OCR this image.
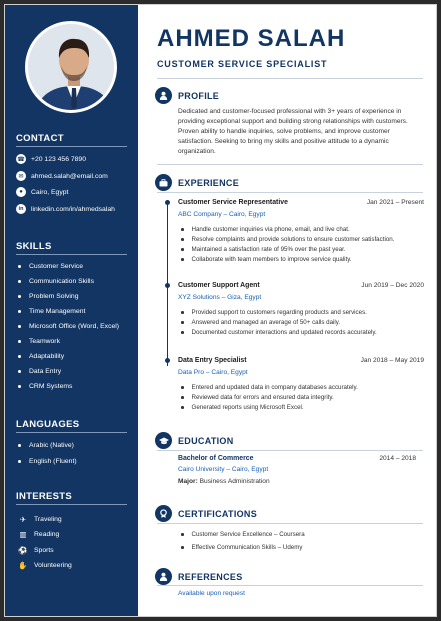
CONTACT
☎ +20 123 456 7890
✉	ahmed.salah@email.com
●	Cairo, Egypt
in	linkedin.com/in/ahmedsalah
SKILLS
Customer Service
Communication Skills
Problem Solving
Time Management
Microsoft Office (Word, Excel)
Teamwork
Adaptability
Data Entry
CRM Systems
LANGUAGES
Arabic (Native)
English (Fluent)
INTERESTS
✈ Traveling
▥ Reading
⚽ Sports
✋ Volunteering
AHMED SALAH
CUSTOMER SERVICE SPECIALIST
PROFILE
Dedicated and customer-focused professional with 3+ years of experience in providing exceptional support and building strong relationships with customers. Proven ability to handle inquiries, solve problems, and improve customer satisfaction. Seeking to bring my skills and positive attitude to a dynamic organization.
EXPERIENCE
Customer Service Representative	Jan 2021 – Present
ABC Company – Cairo, Egypt
Handle customer inquiries via phone, email, and live chat.
Resolve complaints and provide solutions to ensure customer satisfaction.
Maintained a satisfaction rate of 95% over the past year.
Collaborate with team members to improve service quality.
Customer Support Agent	Jun 2019 – Dec 2020
XYZ Solutions – Giza, Egypt
Provided support to customers regarding products and services.
Answered and managed an average of 50+ calls daily.
Documented customer interactions and updated records accurately.
Data Entry Specialist	Jan 2018 – May 2019
Data Pro – Cairo, Egypt
Entered and updated data in company databases accurately.
Reviewed data for errors and ensured data integrity.
Generated reports using Microsoft Excel.
EDUCATION
Bachelor of Commerce	2014 – 2018
Cairo University – Cairo, Egypt
Major: Business Administration
CERTIFICATIONS
Customer Service Excellence – Coursera
Effective Communication Skills – Udemy
REFERENCES
Available upon request
